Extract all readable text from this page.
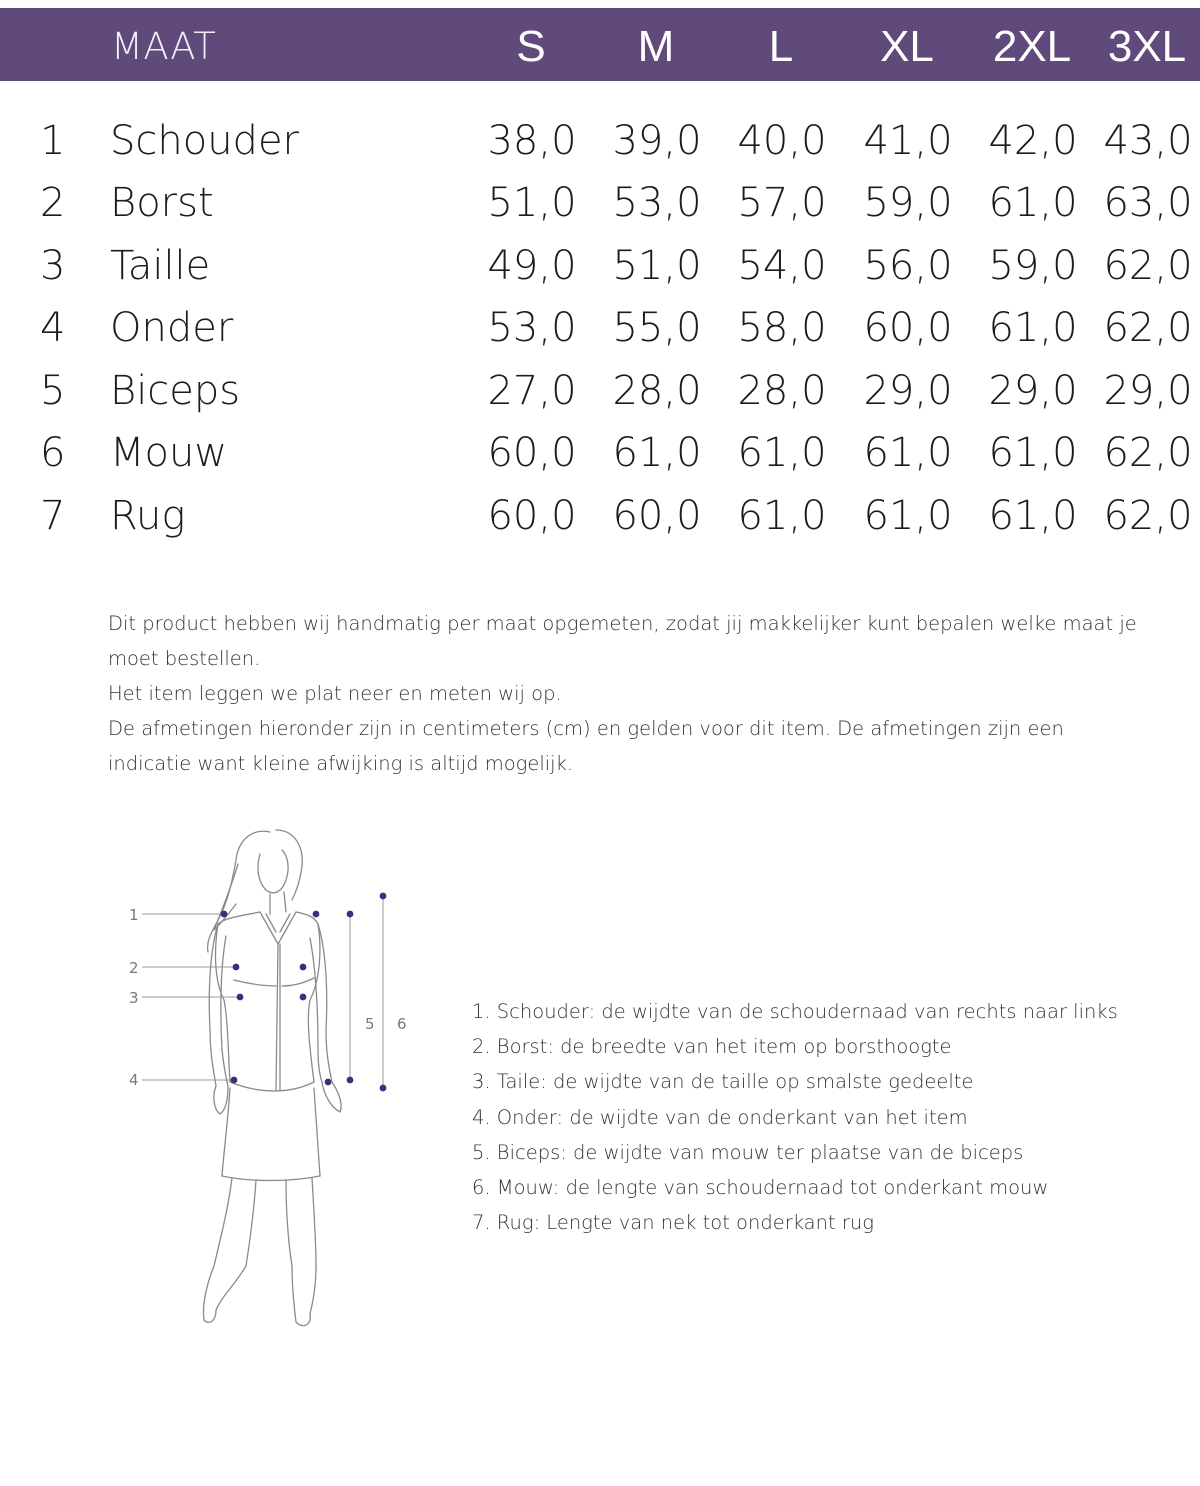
MAAT	S	M	L	XL	2XL 3XL
1 Schouder	38,0 39,0 40,0 41,0 42,0 43,0
2 Borst	51,0 53,0 57,0 59,0 61,0 63,0
3 Taille	49,0 51,0 54,0 56,0 59,0 62,0
4 Onder	53,0 55,0 58,0 60,0 61,0 62,0
5 Biceps	27,0 28,0 28,0 29,0 29,0 29,0
6 Mouw	60,0 61,0 61,0 61,0 61,0 62,0
7 Rug	60,0 60,0 61,0 61,0 61,0 62,0
Dit product hebben wij handmatig per maat opgemeten, zodat jij makkelijker kunt bepalen welke maat je
moet bestellen.
Het item leggen we plat neer en meten wij op.
De afmetingen hieronder zijn in centimeters (cm) en gelden voor dit item. De afmetingen zijn een
indicatie want kleine afwijking is altijd mogelijk.
1
2
3
4
5 6
1. Schouder: de wijdte van de schoudernaad van rechts naar links
2. Borst: de breedte van het item op borsthoogte
3. Taile: de wijdte van de taille op smalste gedeelte
4. Onder: de wijdte van de onderkant van het item
5. Biceps: de wijdte van mouw ter plaatse van de biceps
6. Mouw: de lengte van schoudernaad tot onderkant mouw
7. Rug: Lengte van nek tot onderkant rug
